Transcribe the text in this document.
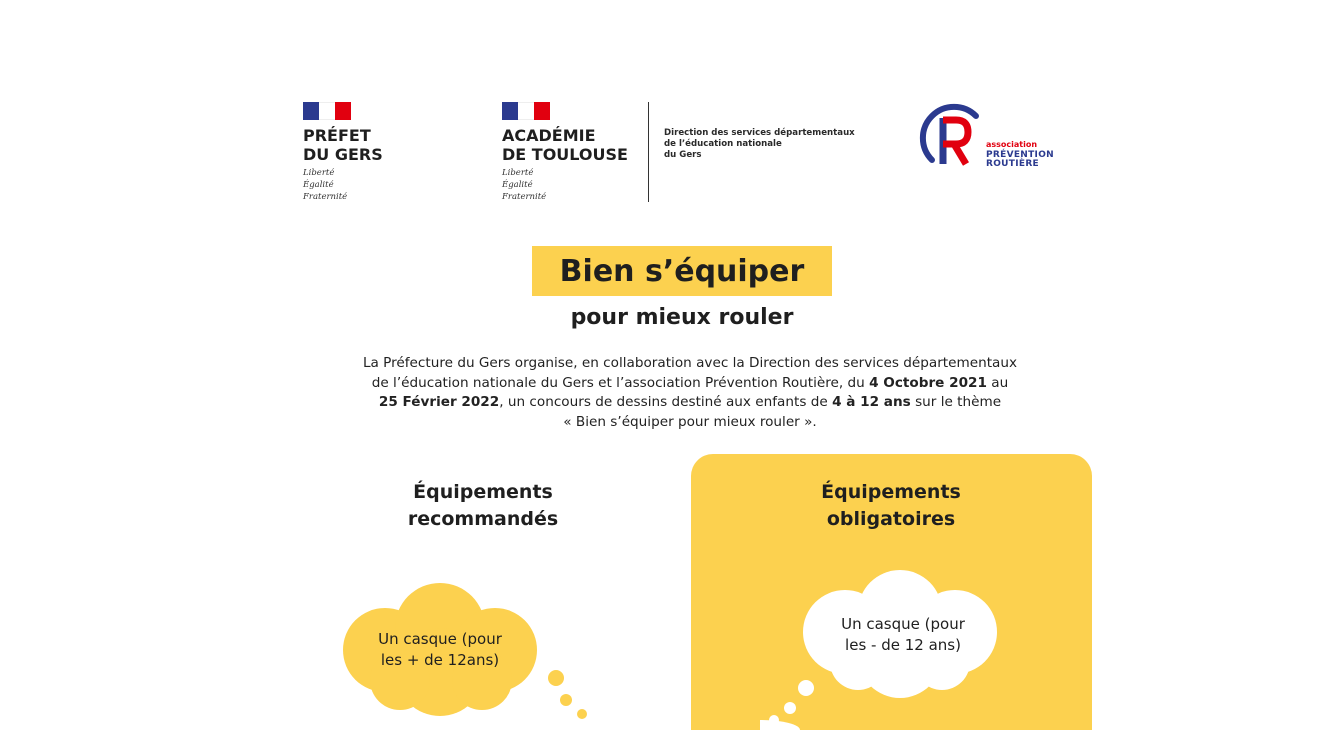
PRÉFET
DU GERS
Liberté
Égalité
Fraternité
ACADÉMIE
DE TOULOUSE
Liberté
Égalité
Fraternité
Direction des services départementaux
de l’éducation nationale
du Gers
association
PRÉVENTION
ROUTIÈRE
Bien s’équiper
pour mieux rouler
La Préfecture du Gers organise, en collaboration avec la Direction des services départementaux
de l’éducation nationale du Gers et l’association Prévention Routière, du 4 Octobre 2021 au
25 Février 2022, un concours de dessins destiné aux enfants de 4 à 12 ans sur le thème
« Bien s’équiper pour mieux rouler ».
Équipements
recommandés
Un casque (pour
les + de 12ans)
Équipements
obligatoires
Un casque (pour
les - de 12 ans)
